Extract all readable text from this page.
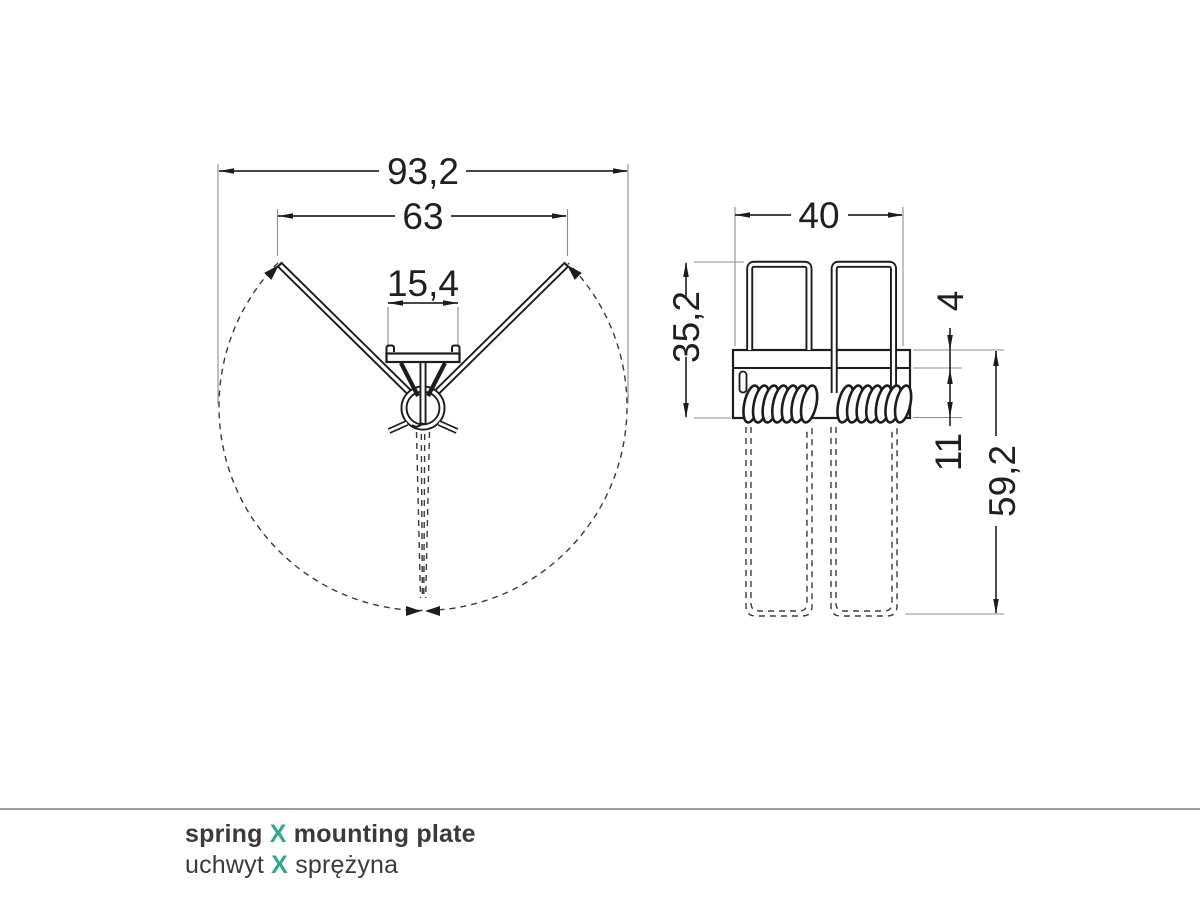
93,2
63
15,4
40
35,2	4
11 59,2
spring X mounting plate
uchwyt X sprężyna
